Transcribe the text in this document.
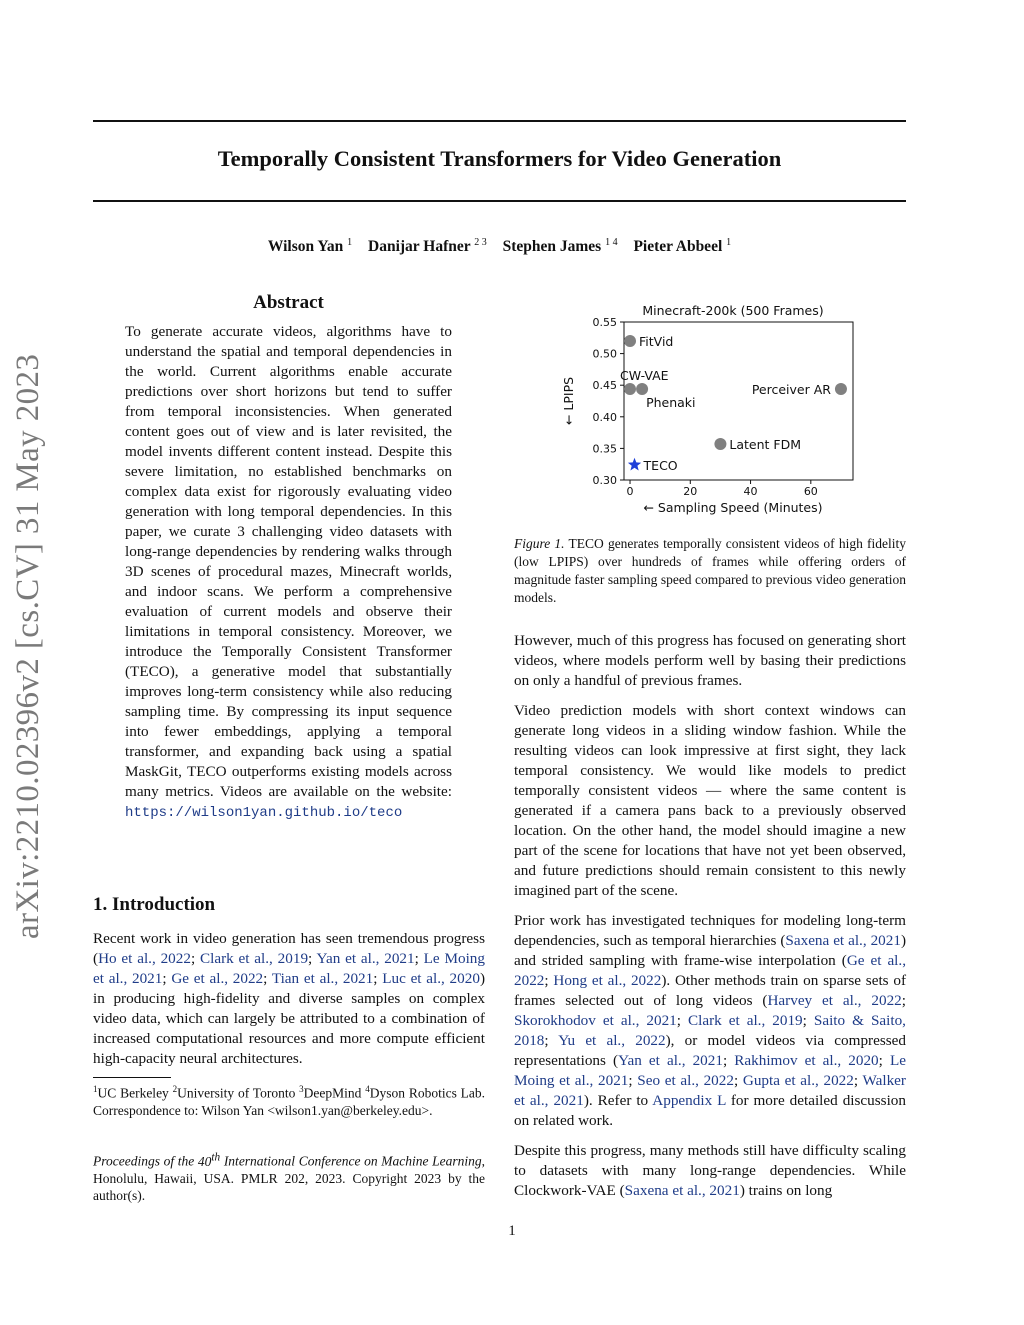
arXiv:2210.02396v2 [cs.CV] 31 May 2023
Temporally Consistent Transformers for Video Generation
Wilson Yan $^1$ Danijar Hafner $^{2 3}$ Stephen James $^{1 4}$ Pieter Abbeel $^1$
Abstract
To generate accurate videos, algorithms have to understand the spatial and temporal dependencies in the world. Current algorithms enable accurate predictions over short horizons but tend to suffer from temporal inconsistencies. When generated content goes out of view and is later revisited, the model invents different content instead. Despite this severe limitation, no established benchmarks on complex data exist for rigorously evaluating video generation with long temporal dependencies. In this paper, we curate 3 challenging video datasets with long-range dependencies by rendering walks through 3D scenes of procedural mazes, Minecraft worlds, and indoor scans. We perform a comprehensive evaluation of current models and observe their limitations in temporal consistency. Moreover, we introduce the Temporally Consistent Transformer (TECO), a generative model that substantially improves long-term consistency while also reducing sampling time. By compressing its input sequence into fewer embeddings, applying a temporal transformer, and expanding back using a spatial MaskGit, TECO outperforms existing models across many metrics. Videos are available on the website: https://wilson1yan.github.io/teco
1. Introduction
Recent work in video generation has seen tremendous progress (Ho et al., 2022; Clark et al., 2019; Yan et al., 2021; Le Moing et al., 2021; Ge et al., 2022; Tian et al., 2021; Luc et al., 2020) in producing high-fidelity and diverse samples on complex video data, which can largely be attributed to a combination of increased computational resources and more compute efficient high-capacity neural architectures.
$^1$UC Berkeley $^2$University of Toronto $^3$DeepMind $^4$Dyson Robotics Lab. Correspondence to: Wilson Yan <wilson1.yan@berkeley.edu>.
Proceedings of the 40th International Conference on Machine Learning, Honolulu, Hawaii, USA. PMLR 202, 2023. Copyright 2023 by the author(s).
Minecraft-200k (500 Frames)
0.30
0.35
0.40
0.45
0.50
0.55
0	20	40	60
FitVid
CW-VAE
Phenaki
Perceiver AR
Latent FDM
TECO
← Sampling Speed (Minutes)
← LPIPS
Figure 1. TECO generates temporally consistent videos of high fidelity (low LPIPS) over hundreds of frames while offering orders of magnitude faster sampling speed compared to previous video generation models.

However, much of this progress has focused on generating short videos, where models perform well by basing their predictions on only a handful of previous frames.

Video prediction models with short context windows can generate long videos in a sliding window fashion. While the resulting videos can look impressive at first sight, they lack temporal consistency. We would like models to predict temporally consistent videos — where the same content is generated if a camera pans back to a previously observed location. On the other hand, the model should imagine a new part of the scene for locations that have not yet been observed, and future predictions should remain consistent to this newly imagined part of the scene.

Prior work has investigated techniques for modeling long-term dependencies, such as temporal hierarchies (Saxena et al., 2021) and strided sampling with frame-wise interpolation (Ge et al., 2022; Hong et al., 2022). Other methods train on sparse sets of frames selected out of long videos (Harvey et al., 2022; Skorokhodov et al., 2021; Clark et al., 2019; Saito & Saito, 2018; Yu et al., 2022), or model videos via compressed representations (Yan et al., 2021; Rakhimov et al., 2020; Le Moing et al., 2021; Seo et al., 2022; Gupta et al., 2022; Walker et al., 2021). Refer to Appendix L for more detailed discussion on related work.

Despite this progress, many methods still have difficulty scaling to datasets with many long-range dependencies. While Clockwork-VAE (Saxena et al., 2021) trains on long

1
